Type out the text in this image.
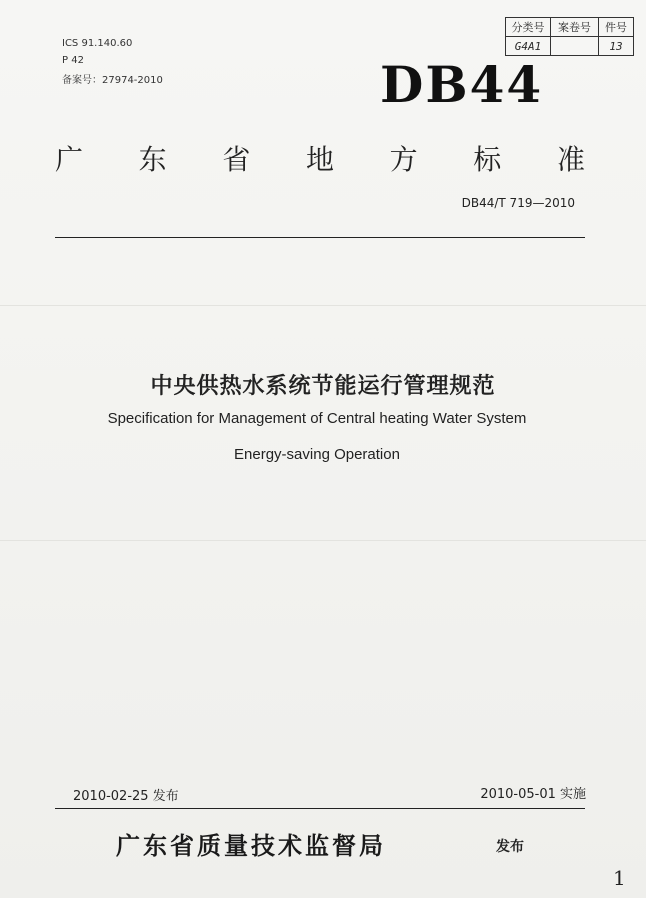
ICS 91.140.60
P 42
备案号：27974-2010
分类号	案卷号	件号
G4A1		13
DB44
广 东 省 地 方 标 准
DB44/T 719—2010
中央供热水系统节能运行管理规范
Specification for Management of Central heating Water System
Energy-saving Operation
2010-02-25 发布	2010-05-01 实施
广东省质量技术监督局	发布
1
